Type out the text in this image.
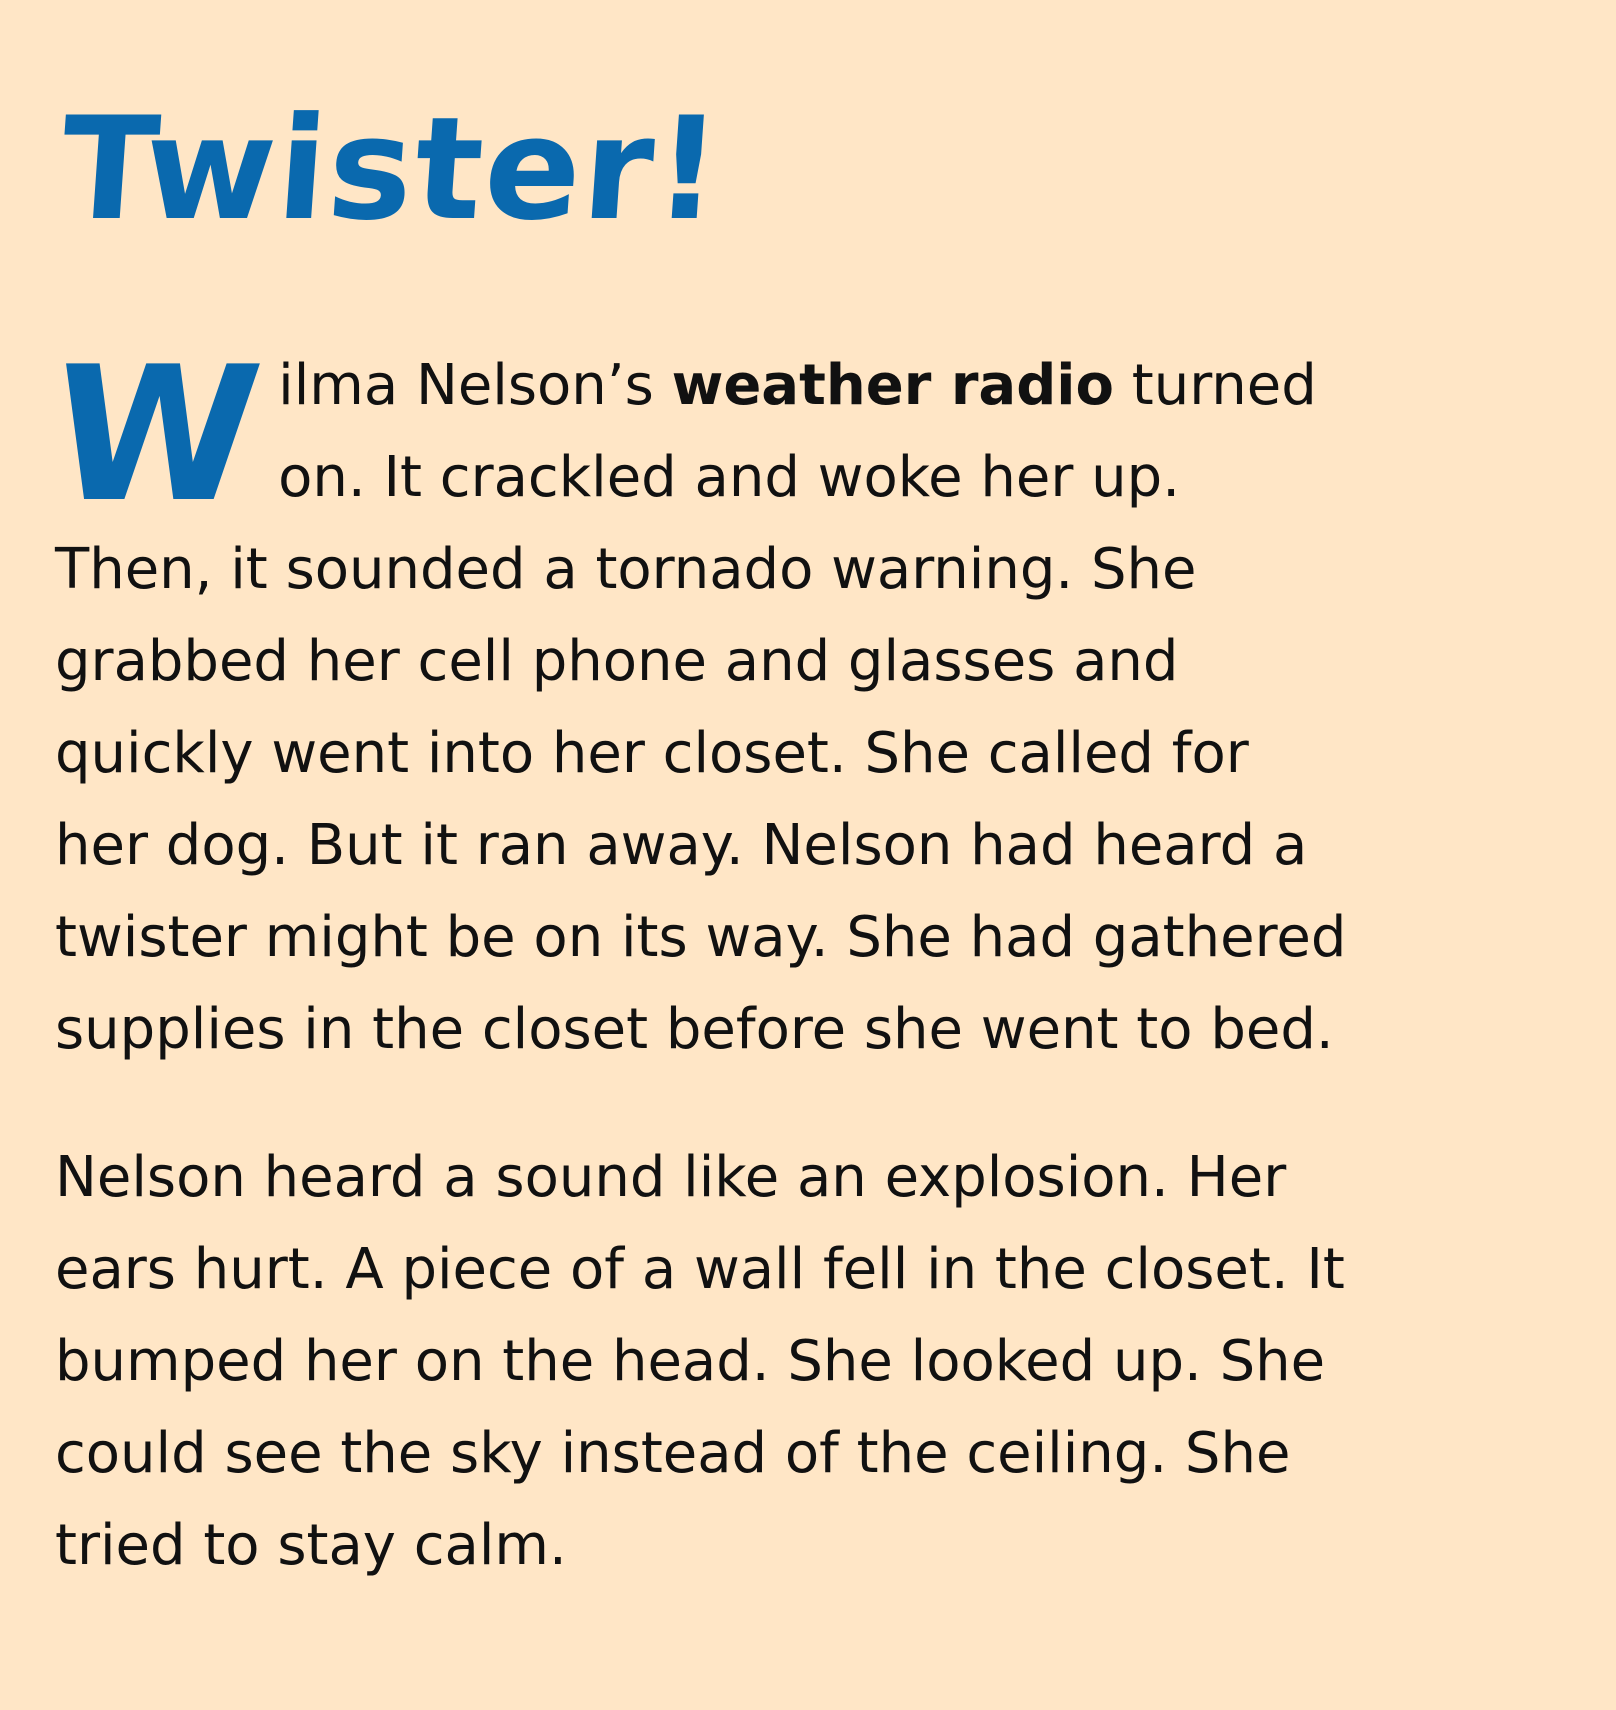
Twister!

Wilma Nelson’s weather radio turned on. It crackled and woke her up. Then, it sounded a tornado warning. She grabbed her cell phone and glasses and quickly went into her closet. She called for her dog. But it ran away. Nelson had heard a twister might be on its way. She had gathered supplies in the closet before she went to bed.

Nelson heard a sound like an explosion. Her ears hurt. A piece of a wall fell in the closet. It bumped her on the head. She looked up. She could see the sky instead of the ceiling. She tried to stay calm.
